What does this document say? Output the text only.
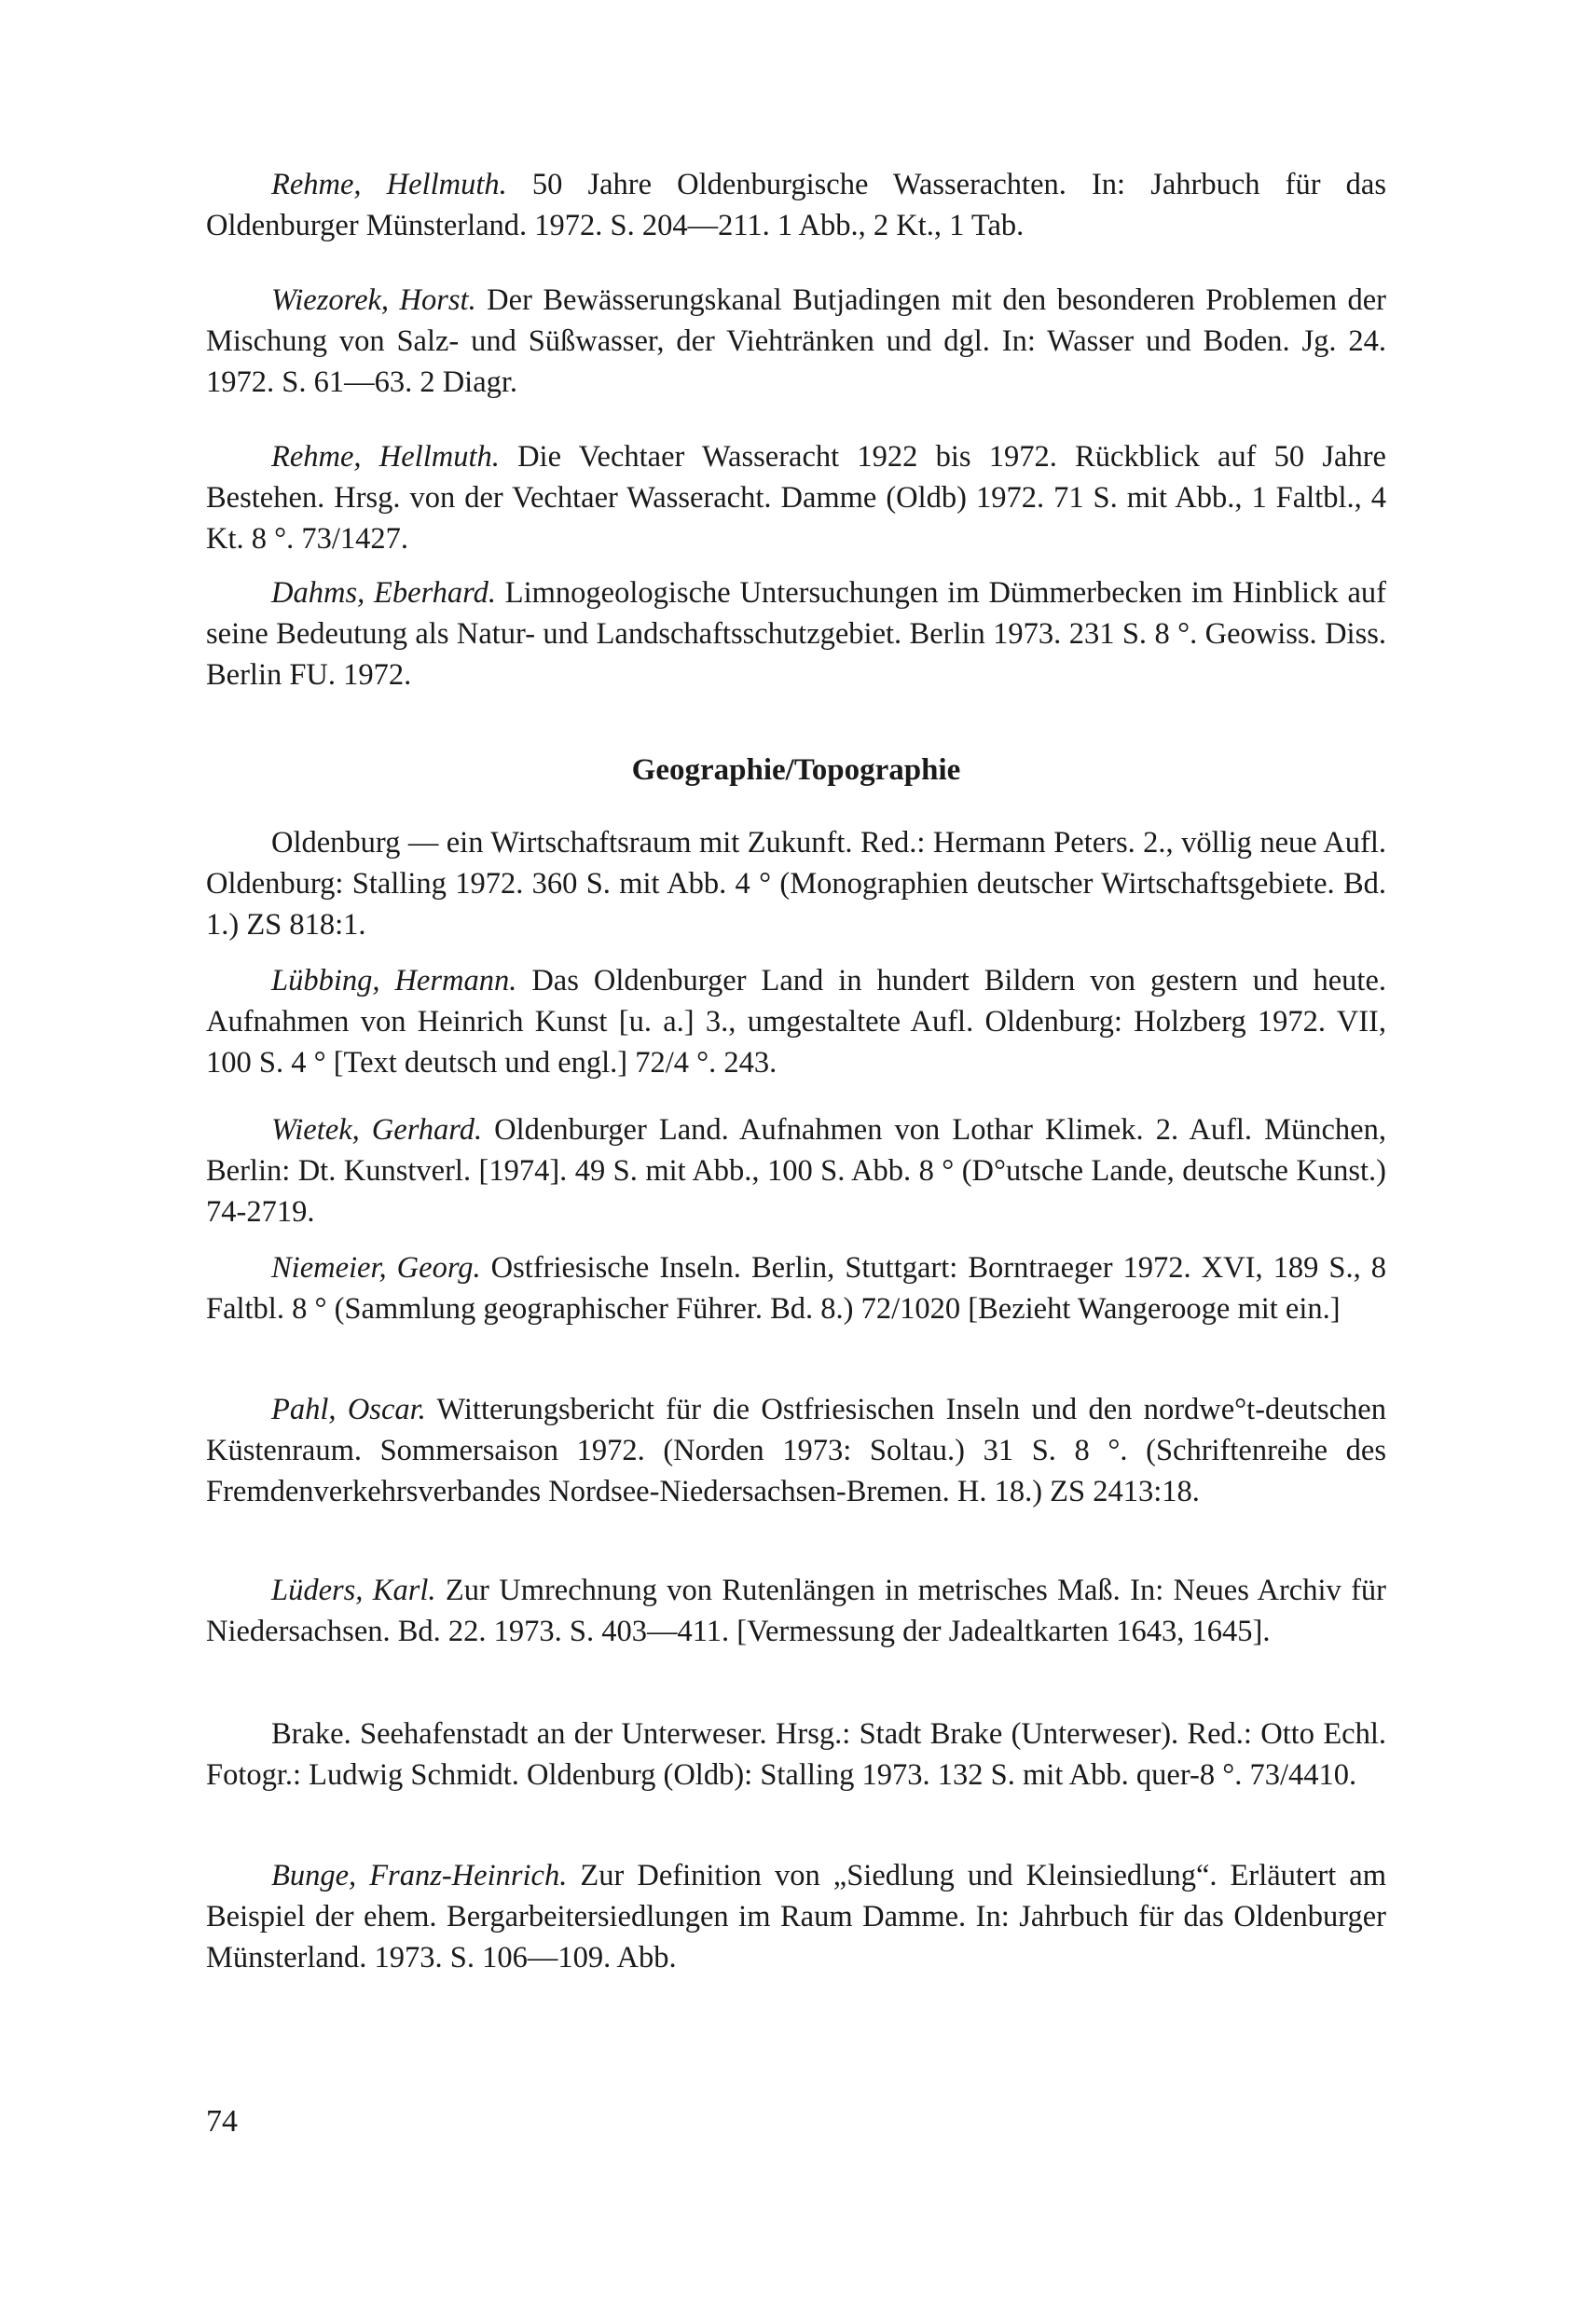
Rehme, Hellmuth. 50 Jahre Oldenburgische Wasserachten. In: Jahrbuch für das Oldenburger Münsterland. 1972. S. 204—211. 1 Abb., 2 Kt., 1 Tab.

Wiezorek, Horst. Der Bewässerungskanal Butjadingen mit den besonderen Problemen der Mischung von Salz- und Süßwasser, der Viehtränken und dgl. In: Wasser und Boden. Jg. 24. 1972. S. 61—63. 2 Diagr.

Rehme, Hellmuth. Die Vechtaer Wasseracht 1922 bis 1972. Rückblick auf 50 Jahre Bestehen. Hrsg. von der Vechtaer Wasseracht. Damme (Oldb) 1972. 71 S. mit Abb., 1 Faltbl., 4 Kt. 8 °. 73/1427.

Dahms, Eberhard. Limnogeologische Untersuchungen im Dümmerbecken im Hinblick auf seine Bedeutung als Natur- und Landschaftsschutzgebiet. Berlin 1973. 231 S. 8 °. Geowiss. Diss. Berlin FU. 1972.

Geographie/Topographie

Oldenburg — ein Wirtschaftsraum mit Zukunft. Red.: Hermann Peters. 2., völlig neue Aufl. Oldenburg: Stalling 1972. 360 S. mit Abb. 4 ° (Monographien deutscher Wirtschaftsgebiete. Bd. 1.) ZS 818:1.

Lübbing, Hermann. Das Oldenburger Land in hundert Bildern von gestern und heute. Aufnahmen von Heinrich Kunst [u. a.] 3., umgestaltete Aufl. Oldenburg: Holzberg 1972. VII, 100 S. 4 ° [Text deutsch und engl.] 72/4 °. 243.

Wietek, Gerhard. Oldenburger Land. Aufnahmen von Lothar Klimek. 2. Aufl. München, Berlin: Dt. Kunstverl. [1974]. 49 S. mit Abb., 100 S. Abb. 8 ° (D°utsche Lande, deutsche Kunst.) 74-2719.

Niemeier, Georg. Ostfriesische Inseln. Berlin, Stuttgart: Borntraeger 1972. XVI, 189 S., 8 Faltbl. 8 ° (Sammlung geographischer Führer. Bd. 8.) 72/1020 [Bezieht Wangerooge mit ein.]

Pahl, Oscar. Witterungsbericht für die Ostfriesischen Inseln und den nordwe°t-deutschen Küstenraum. Sommersaison 1972. (Norden 1973: Soltau.) 31 S. 8 °. (Schriftenreihe des Fremdenverkehrsverbandes Nordsee-Niedersachsen-Bremen. H. 18.) ZS 2413:18.

Lüders, Karl. Zur Umrechnung von Rutenlängen in metrisches Maß. In: Neues Archiv für Niedersachsen. Bd. 22. 1973. S. 403—411. [Vermessung der Jadealtkarten 1643, 1645].

Brake. Seehafenstadt an der Unterweser. Hrsg.: Stadt Brake (Unterweser). Red.: Otto Echl. Fotogr.: Ludwig Schmidt. Oldenburg (Oldb): Stalling 1973. 132 S. mit Abb. quer-8 °. 73/4410.

Bunge, Franz-Heinrich. Zur Definition von „Siedlung und Kleinsiedlung“. Erläutert am Beispiel der ehem. Bergarbeitersiedlungen im Raum Damme. In: Jahrbuch für das Oldenburger Münsterland. 1973. S. 106—109. Abb.

74
